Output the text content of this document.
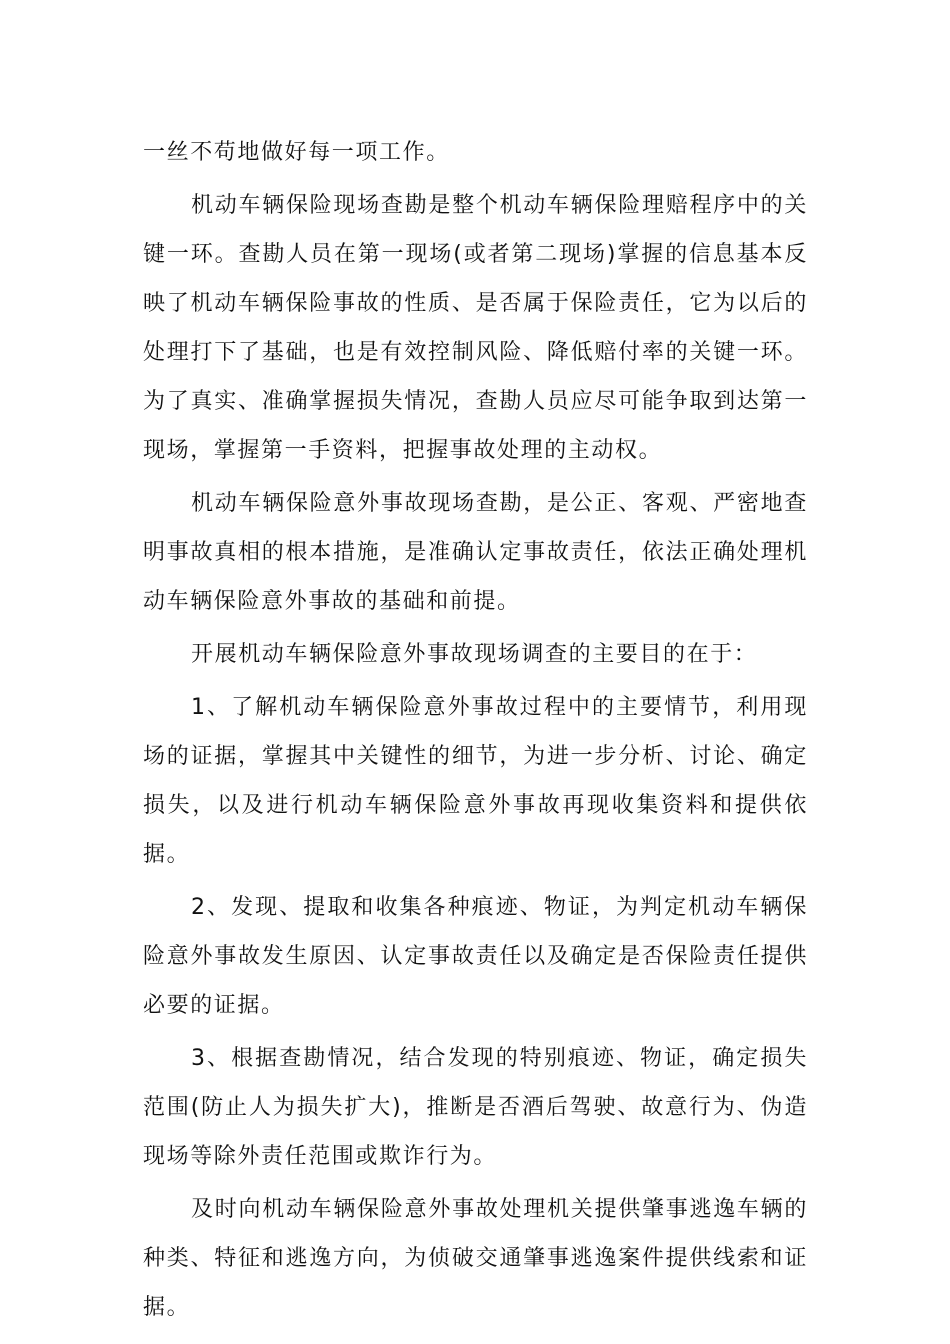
一丝不苟地做好每一项工作。

机动车辆保险现场查勘是整个机动车辆保险理赔程序中的关键一环。查勘人员在第一现场(或者第二现场)掌握的信息基本反映了机动车辆保险事故的性质、是否属于保险责任，它为以后的处理打下了基础，也是有效控制风险、降低赔付率的关键一环。为了真实、准确掌握损失情况，查勘人员应尽可能争取到达第一现场，掌握第一手资料，把握事故处理的主动权。

机动车辆保险意外事故现场查勘，是公正、客观、严密地查明事故真相的根本措施，是准确认定事故责任，依法正确处理机动车辆保险意外事故的基础和前提。

开展机动车辆保险意外事故现场调查的主要目的在于：

1、了解机动车辆保险意外事故过程中的主要情节，利用现场的证据，掌握其中关键性的细节，为进一步分析、讨论、确定损失，以及进行机动车辆保险意外事故再现收集资料和提供依据。

2、发现、提取和收集各种痕迹、物证，为判定机动车辆保险意外事故发生原因、认定事故责任以及确定是否保险责任提供必要的证据。

3、根据查勘情况，结合发现的特别痕迹、物证，确定损失范围(防止人为损失扩大)，推断是否酒后驾驶、故意行为、伪造现场等除外责任范围或欺诈行为。

及时向机动车辆保险意外事故处理机关提供肇事逃逸车辆的种类、特征和逃逸方向，为侦破交通肇事逃逸案件提供线索和证据。
